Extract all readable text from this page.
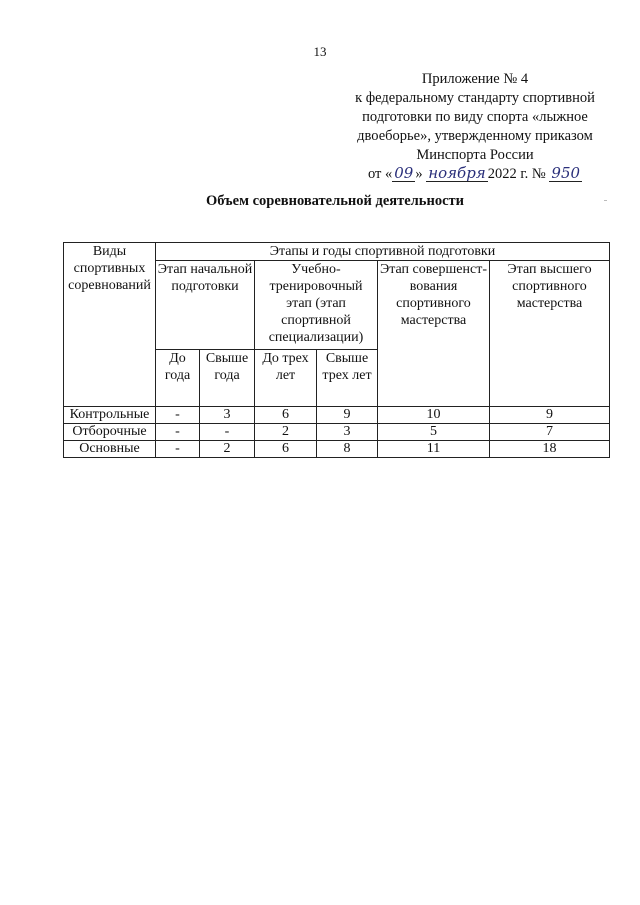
13
Приложение № 4
к федеральному стандарту спортивной
подготовки по виду спорта «лыжное
двоеборье», утвержденному приказом
Минспорта России
от « 09 » ноября 2022 г. № 950
Объем соревновательной деятельности
Виды спортивных соревнований	Этапы и годы спортивной подготовки					
	Этап начальной подготовки		Учебно-тренировочный этап (этап спортивной специализации)		Этап совершенст-вования спортивного мастерства	Этап высшего спортивного мастерства
	До года	Свыше года	До трех лет	Свыше трех лет		
Контрольные	-	3	6	9	10	9
Отборочные	-	-	2	3	5	7
Основные	-	2	6	8	11	18
